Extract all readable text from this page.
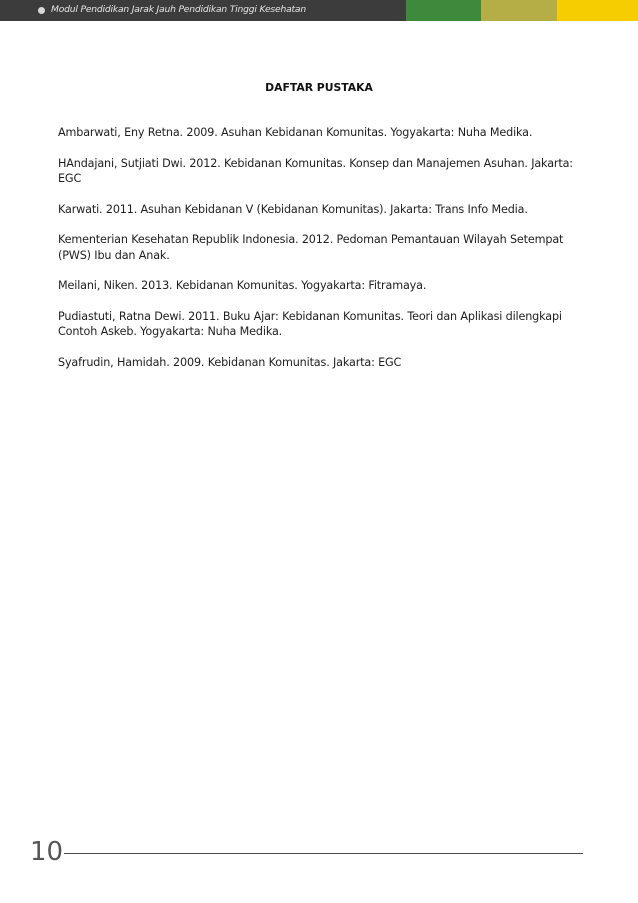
Modul Pendidikan Jarak Jauh Pendidikan Tinggi Kesehatan
DAFTAR PUSTAKA
Ambarwati, Eny Retna. 2009. Asuhan Kebidanan Komunitas. Yogyakarta: Nuha Medika.
HAndajani, Sutjiati Dwi. 2012. Kebidanan Komunitas. Konsep dan Manajemen Asuhan. Jakarta: EGC
Karwati. 2011. Asuhan Kebidanan V (Kebidanan Komunitas). Jakarta: Trans Info Media.
Kementerian Kesehatan Republik Indonesia. 2012. Pedoman Pemantauan Wilayah Setempat (PWS) Ibu dan Anak.
Meilani, Niken. 2013. Kebidanan Komunitas. Yogyakarta: Fitramaya.
Pudiastuti, Ratna Dewi. 2011. Buku Ajar: Kebidanan Komunitas. Teori dan Aplikasi dilengkapi Contoh Askeb. Yogyakarta: Nuha Medika.
Syafrudin, Hamidah. 2009. Kebidanan Komunitas. Jakarta: EGC
10
